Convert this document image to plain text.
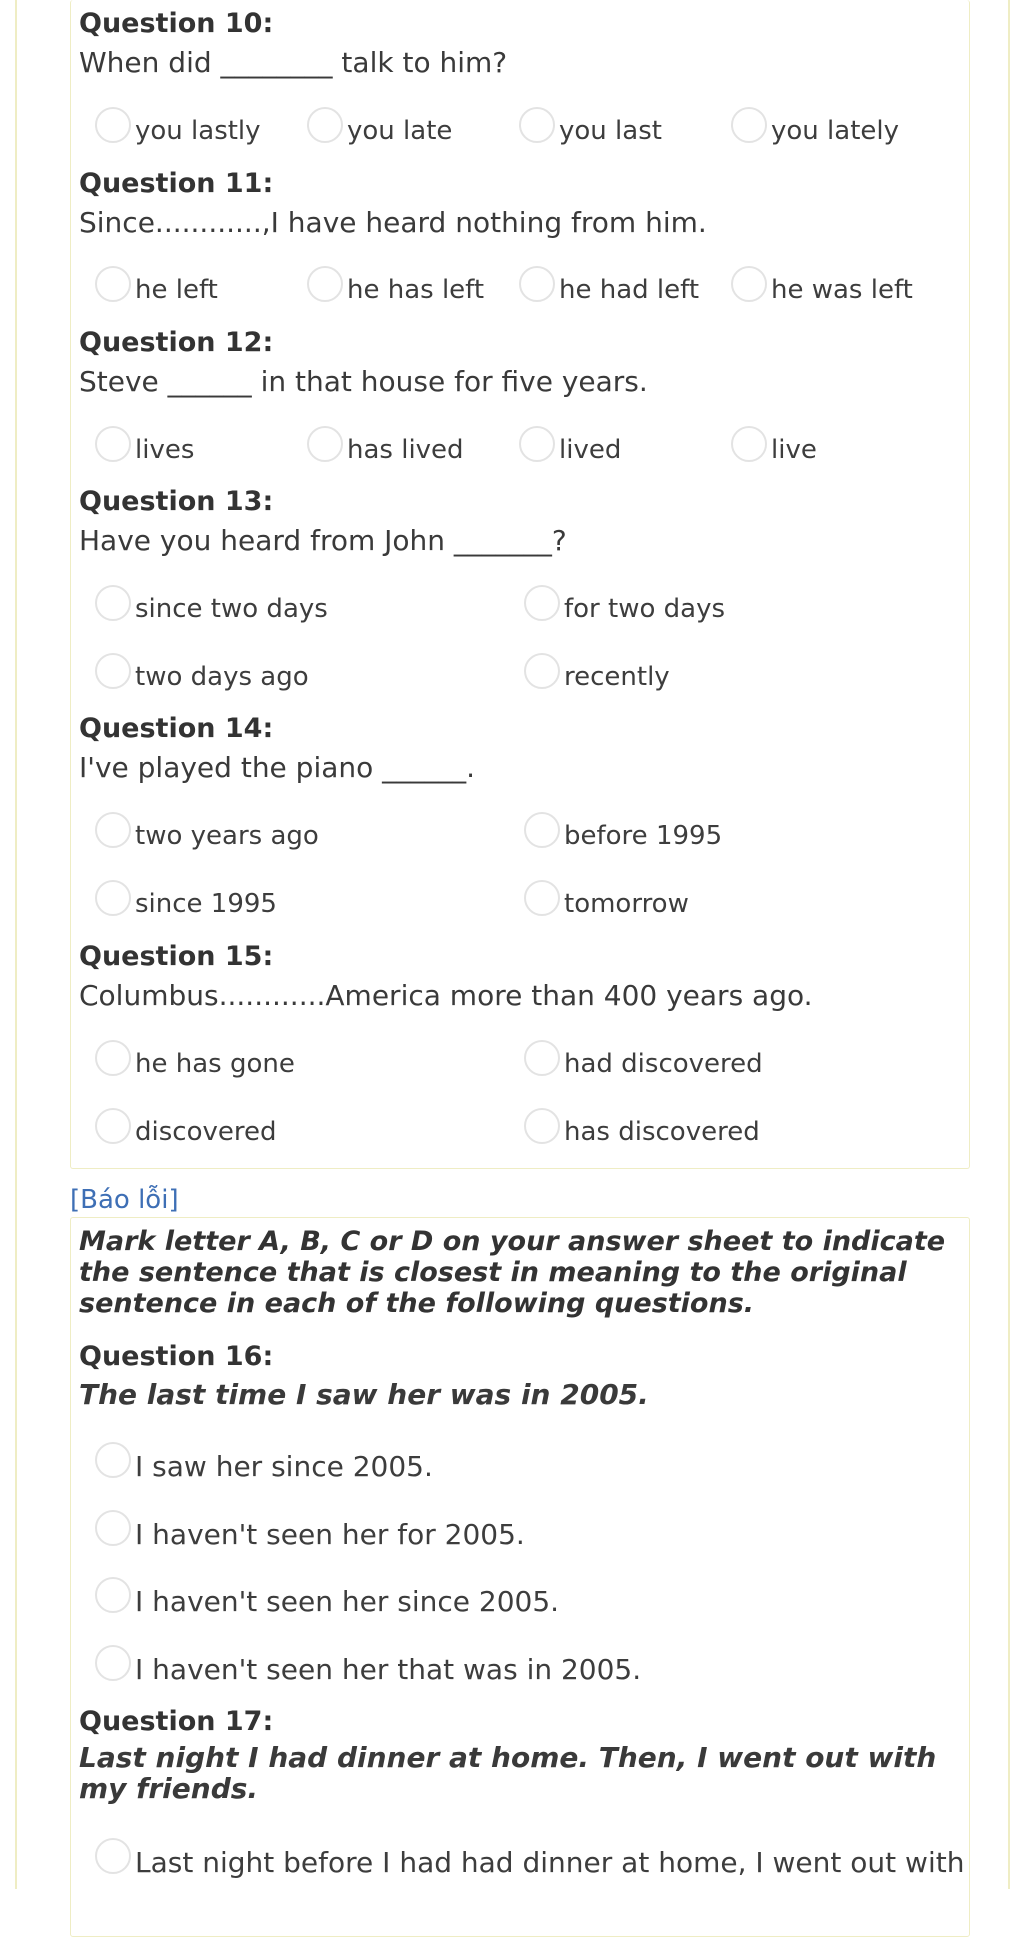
Question 10:
When did ________ talk to him?
you lastly	you late	you last	you lately
Question 11:
Since............,I have heard nothing from him.
he left	he has left	he had left	he was left
Question 12:
Steve ______ in that house for five years.
lives	has lived	lived	live
Question 13:
Have you heard from John _______?
since two days	for two days
two days ago	recently
Question 14:
I've played the piano ______.
two years ago	before 1995
since 1995	tomorrow
Question 15:
Columbus............America more than 400 years ago.
he has gone	had discovered
discovered	has discovered
[Báo lỗi]
Mark letter A, B, C or D on your answer sheet to indicate the sentence that is closest in meaning to the original sentence in each of the following questions.
Question 16:
The last time I saw her was in 2005.
I saw her since 2005.
I haven't seen her for 2005.
I haven't seen her since 2005.
I haven't seen her that was in 2005.
Question 17:
Last night I had dinner at home. Then, I went out with my friends.
Last night before I had had dinner at home, I went out with
